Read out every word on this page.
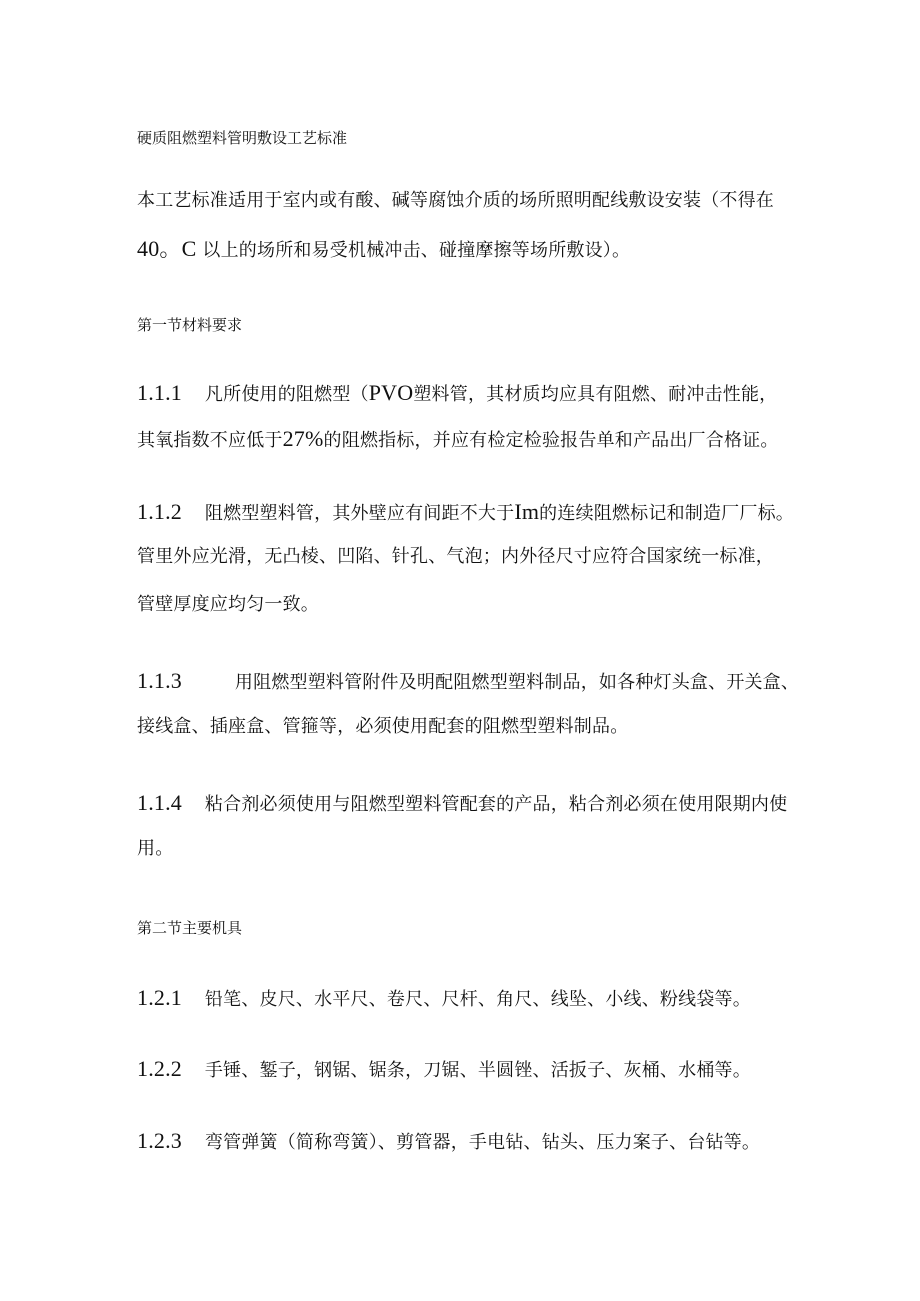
硬质阻燃塑料管明敷设工艺标准
本工艺标准适用于室内或有酸、碱等腐蚀介质的场所照明配线敷设安装（不得在
40。C 以上的场所和易受机械冲击、碰撞摩擦等场所敷设）。
第一节材料要求
1.1.1 凡所使用的阻燃型（PVO塑料管，其材质均应具有阻燃、耐冲击性能，
其氧指数不应低于27%的阻燃指标，并应有检定检验报告单和产品出厂合格证。
1.1.2 阻燃型塑料管，其外壁应有间距不大于Im的连续阻燃标记和制造厂厂标。
管里外应光滑，无凸棱、凹陷、针孔、气泡；内外径尺寸应符合国家统一标准，
管壁厚度应均匀一致。
1.1.3	用阻燃型塑料管附件及明配阻燃型塑料制品，如各种灯头盒、开关盒、
接线盒、插座盒、管箍等，必须使用配套的阻燃型塑料制品。
1.1.4 粘合剂必须使用与阻燃型塑料管配套的产品，粘合剂必须在使用限期内使
用。
第二节主要机具
1.2.1 铅笔、皮尺、水平尺、卷尺、尺杆、角尺、线坠、小线、粉线袋等。
1.2.2 手锤、錾子，钢锯、锯条，刀锯、半圆锉、活扳子、灰桶、水桶等。
1.2.3 弯管弹簧（简称弯簧）、剪管器，手电钻、钻头、压力案子、台钻等。
